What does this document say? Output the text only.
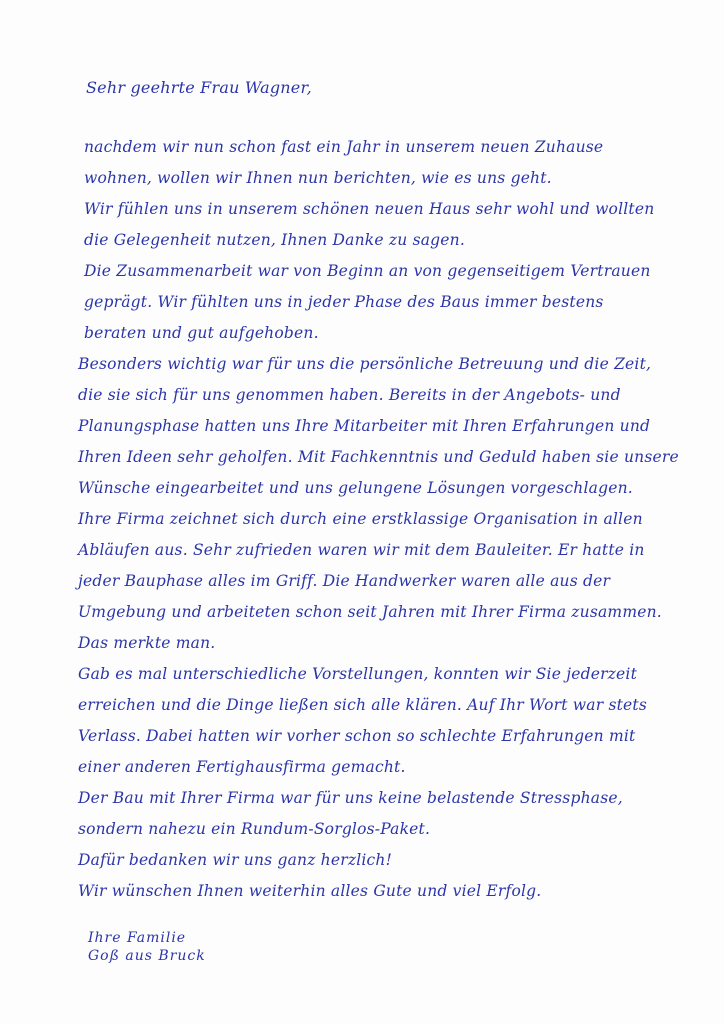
Sehr geehrte Frau Wagner,
nachdem wir nun schon fast ein Jahr in unserem neuen Zuhause
wohnen, wollen wir Ihnen nun berichten, wie es uns geht.
Wir fühlen uns in unserem schönen neuen Haus sehr wohl und wollten
die Gelegenheit nutzen, Ihnen Danke zu sagen.
Die Zusammenarbeit war von Beginn an von gegenseitigem Vertrauen
geprägt. Wir fühlten uns in jeder Phase des Baus immer bestens
beraten und gut aufgehoben.
Besonders wichtig war für uns die persönliche Betreuung und die Zeit,
die sie sich für uns genommen haben. Bereits in der Angebots- und
Planungsphase hatten uns Ihre Mitarbeiter mit Ihren Erfahrungen und
Ihren Ideen sehr geholfen. Mit Fachkenntnis und Geduld haben sie unsere
Wünsche eingearbeitet und uns gelungene Lösungen vorgeschlagen.
Ihre Firma zeichnet sich durch eine erstklassige Organisation in allen
Abläufen aus. Sehr zufrieden waren wir mit dem Bauleiter. Er hatte in
jeder Bauphase alles im Griff. Die Handwerker waren alle aus der
Umgebung und arbeiteten schon seit Jahren mit Ihrer Firma zusammen.
Das merkte man.
Gab es mal unterschiedliche Vorstellungen, konnten wir Sie jederzeit
erreichen und die Dinge ließen sich alle klären. Auf Ihr Wort war stets
Verlass. Dabei hatten wir vorher schon so schlechte Erfahrungen mit
einer anderen Fertighausfirma gemacht.
Der Bau mit Ihrer Firma war für uns keine belastende Stressphase,
sondern nahezu ein Rundum-Sorglos-Paket.
Dafür bedanken wir uns ganz herzlich!
Wir wünschen Ihnen weiterhin alles Gute und viel Erfolg.
Ihre Familie
Goß aus Bruck
